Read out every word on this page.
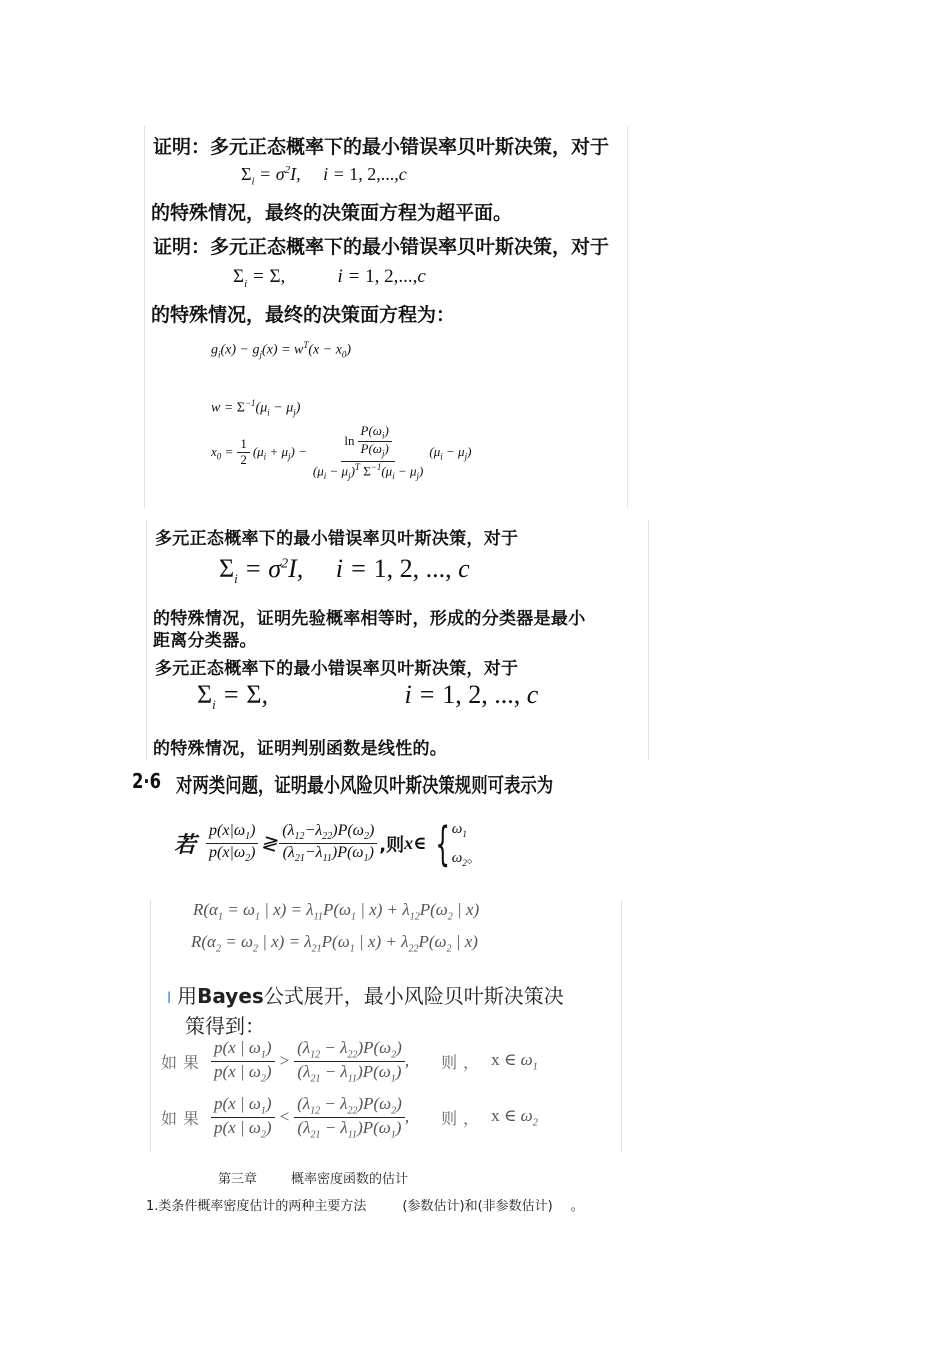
证明：多元正态概率下的最小错误率贝叶斯决策，对于
$\Sigma_i = \sigma^2I$,     i = 1, 2,...,c
的特殊情况，最终的决策面方程为超平面。
证明：多元正态概率下的最小错误率贝叶斯决策，对于
$\Sigma_i = \Sigma$,           i = 1, 2,...,c
的特殊情况，最终的决策面方程为：
$g_i(x) - g_j(x) = w^T(x - x_0)$
$w = \Sigma^{-1}(\mu_i - \mu_j)$
$x_0 = \frac{1}{2} (\mu_i + \mu_j) - \frac{\ln \frac{P(\omega_i)}{P(\omega_j)}}{(\mu_i - \mu_j)^T \Sigma^{-1}(\mu_i - \mu_j)} (\mu_i - \mu_j)$
多元正态概率下的最小错误率贝叶斯决策，对于
$\Sigma_i = \sigma^2I$,     i = 1, 2, ..., c
的特殊情况，证明先验概率相等时，形成的分类器是最小
距离分类器。
多元正态概率下的最小错误率贝叶斯决策，对于
$\Sigma_i = \Sigma$,                     i = 1, 2, ..., c
的特殊情况，证明判别函数是线性的。
2·6 对两类问题，证明最小风险贝叶斯决策规则可表示为
若 $\frac{p(x|\omega_1)}{p(x|\omega_2)}$ ≷ $\frac{(\lambda_{12}-\lambda_{22})P(\omega_2)}{(\lambda_{21}-\lambda_{11})P(\omega_1)}$ ,则 x∈ { $\omega_1$
$\omega_2$。
$R(\alpha_1 = \omega_1$ | $x) = \lambda_{11}P(\omega_1$ | $x) + \lambda_{12}P(\omega_2$ | x)
$R(\alpha_2 = \omega_2$ | $x) = \lambda_{21}P(\omega_1$ | $x) + \lambda_{22}P(\omega_2$ | x)
l 用Bayes公式展开，最小风险贝叶斯决策决
策得到：
如果 $\frac{p(x | \omega_1)}{p(x | \omega_2)} > \frac{(\lambda_{12} - \lambda_{22})P(\omega_2)}{(\lambda_{21} - \lambda_{11})P(\omega_1)}$ , 则， x ∈ $\omega_1$
如果 $\frac{p(x | \omega_1)}{p(x | \omega_2)} < \frac{(\lambda_{12} - \lambda_{22})P(\omega_2)}{(\lambda_{21} - \lambda_{11})P(\omega_1)}$ , 则， x ∈ $\omega_2$
第三章	概率密度函数的估计
1.类条件概率密度估计的两种主要方法	(参数估计)和(非参数估计) 。
